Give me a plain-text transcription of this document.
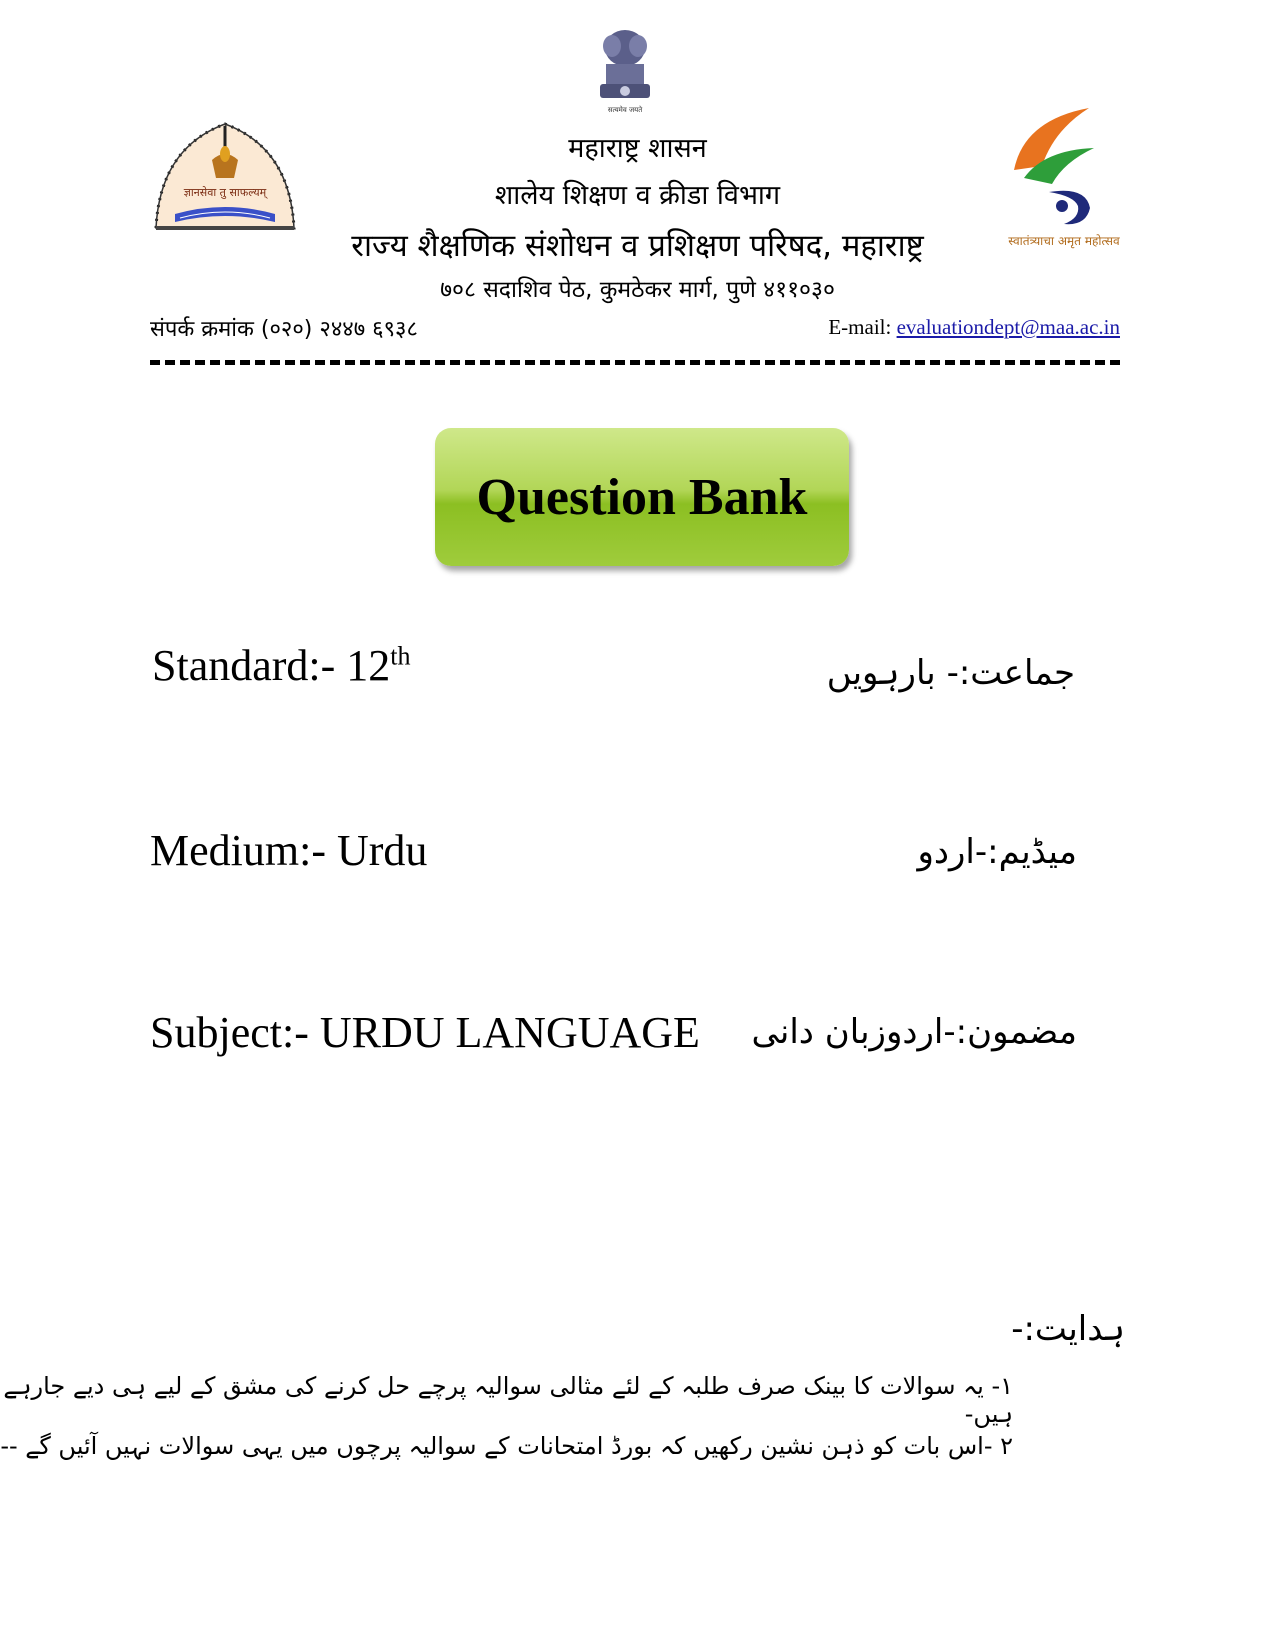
सत्यमेव जयते
ज्ञानसेवा तु साफल्यम्
स्वातंत्र्याचा अमृत महोत्सव
महाराष्ट्र शासन
शालेय शिक्षण व क्रीडा विभाग
राज्य शैक्षणिक संशोधन व प्रशिक्षण परिषद, महाराष्ट्र
७०८ सदाशिव पेठ, कुमठेकर मार्ग, पुणे ४११०३०
संपर्क क्रमांक (०२०) २४४७ ६९३८	E-mail: evaluationdept@maa.ac.in
Question Bank
Standard:- 12th	جماعت:- بارہویں
Medium:- Urdu	میڈیم:-اردو
Subject:- URDU LANGUAGE مضمون:-اردوزبان دانی
ہدایت:-
۱- یہ سوالات کا بینک صرف طلبہ کے لئے مثالی سوالیہ پرچے حل کرنے کی مشق کے لیے ہی دیے جارہے ہیں-
۲ -اس بات کو ذہن نشین رکھیں کہ بورڈ امتحانات کے سوالیہ پرچوں میں یہی سوالات نہیں آئیں گے --
